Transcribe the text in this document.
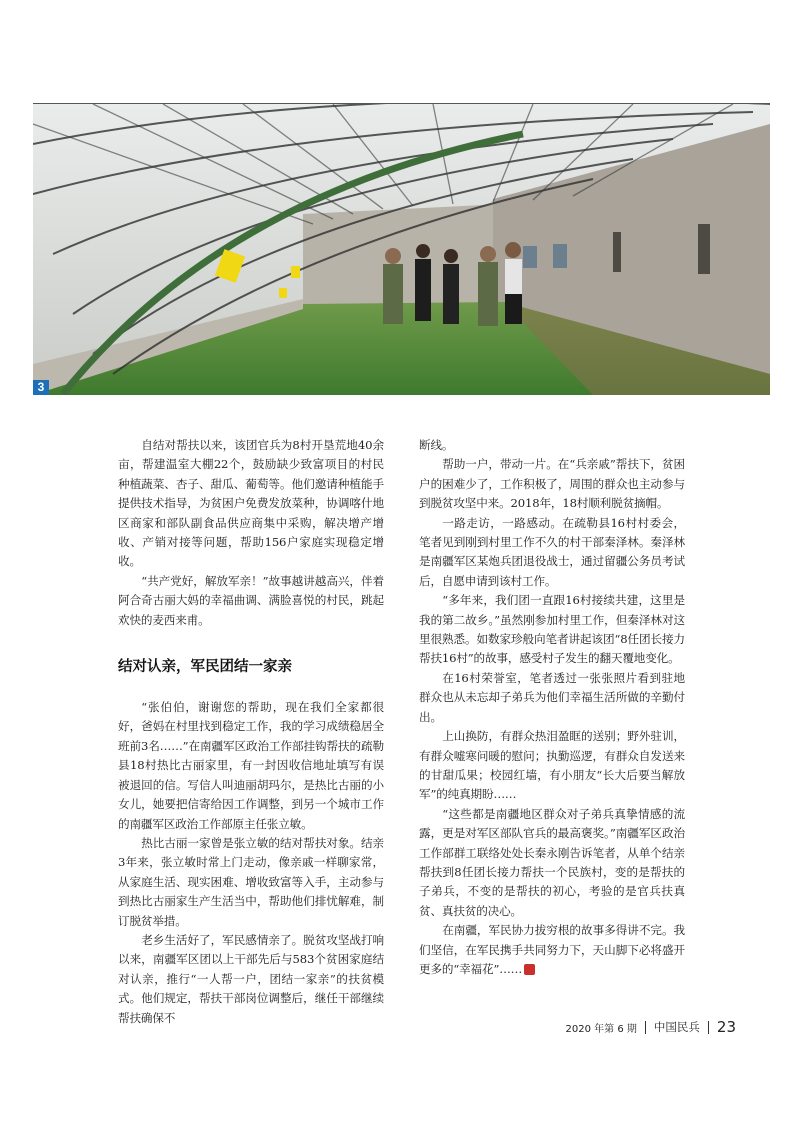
3

自结对帮扶以来，该团官兵为8村开垦荒地40余亩，帮建温室大棚22个，鼓励缺少致富项目的村民种植蔬菜、杏子、甜瓜、葡萄等。他们邀请种植能手提供技术指导，为贫困户免费发放菜种，协调喀什地区商家和部队副食品供应商集中采购，解决增产增收、产销对接等问题，帮助156户家庭实现稳定增收。

“共产党好，解放军亲！”故事越讲越高兴，伴着阿合奇古丽大妈的幸福曲调、满脸喜悦的村民，跳起欢快的麦西来甫。

结对认亲，军民团结一家亲

“张伯伯，谢谢您的帮助，现在我们全家都很好，爸妈在村里找到稳定工作，我的学习成绩稳居全班前3名……”在南疆军区政治工作部挂钩帮扶的疏勒县18村热比古丽家里，有一封因收信地址填写有误被退回的信。写信人叫迪丽胡玛尔，是热比古丽的小女儿，她要把信寄给因工作调整，到另一个城市工作的南疆军区政治工作部原主任张立敏。

热比古丽一家曾是张立敏的结对帮扶对象。结亲3年来，张立敏时常上门走动，像亲戚一样聊家常，从家庭生活、现实困难、增收致富等入手，主动参与到热比古丽家生产生活当中，帮助他们排忧解难，制订脱贫举措。

老乡生活好了，军民感情亲了。脱贫攻坚战打响以来，南疆军区团以上干部先后与583个贫困家庭结对认亲，推行“一人帮一户，团结一家亲”的扶贫模式。他们规定，帮扶干部岗位调整后，继任干部继续帮扶确保不

断线。

帮助一户，带动一片。在“兵亲戚”帮扶下，贫困户的困难少了，工作积极了，周围的群众也主动参与到脱贫攻坚中来。2018年，18村顺利脱贫摘帽。

一路走访，一路感动。在疏勒县16村村委会，笔者见到刚到村里工作不久的村干部秦泽林。秦泽林是南疆军区某炮兵团退役战士，通过留疆公务员考试后，自愿申请到该村工作。

“多年来，我们团一直跟16村接续共建，这里是我的第二故乡。”虽然刚参加村里工作，但秦泽林对这里很熟悉。如数家珍般向笔者讲起该团“8任团长接力帮扶16村”的故事，感受村子发生的翻天覆地变化。

在16村荣誉室，笔者透过一张张照片看到驻地群众也从未忘却子弟兵为他们幸福生活所做的辛勤付出。

上山换防，有群众热泪盈眶的送别；野外驻训，有群众嘘寒问暖的慰问；执勤巡逻，有群众自发送来的甘甜瓜果；校园红墙，有小朋友“长大后要当解放军”的纯真期盼……

“这些都是南疆地区群众对子弟兵真挚情感的流露，更是对军区部队官兵的最高褒奖。”南疆军区政治工作部群工联络处处长秦永刚告诉笔者，从单个结亲帮扶到8任团长接力帮扶一个民族村，变的是帮扶的子弟兵，不变的是帮扶的初心，考验的是官兵扶真贫、真扶贫的决心。

在南疆，军民协力拔穷根的故事多得讲不完。我们坚信，在军民携手共同努力下，天山脚下必将盛开更多的“幸福花”……	E

2020 年第 6 期 中国民兵 23
